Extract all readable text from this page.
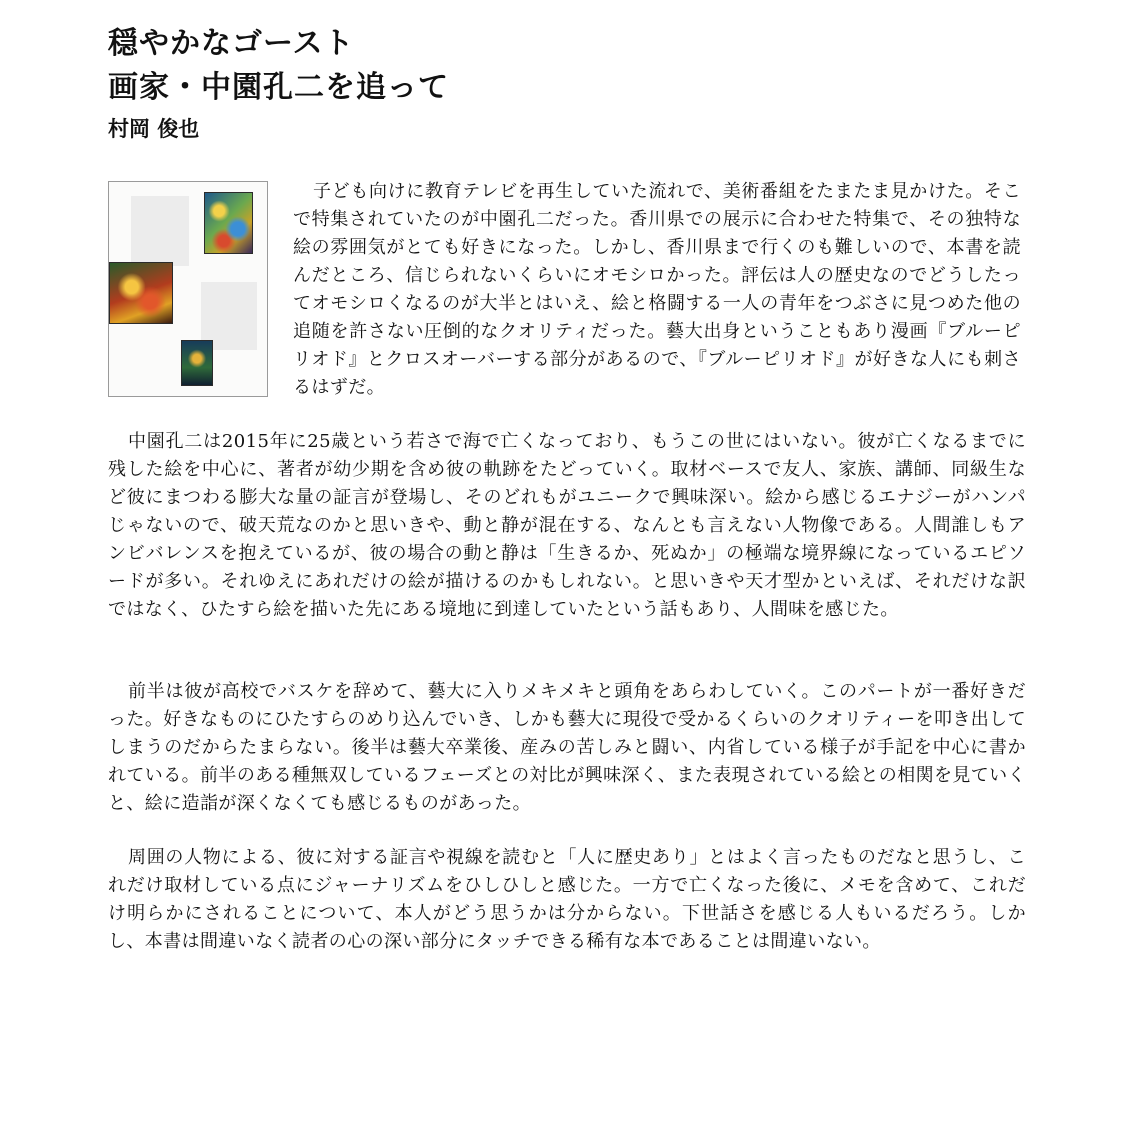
穏やかなゴースト
画家・中園孔二を追って
村岡 俊也

子ども向けに教育テレビを再生していた流れで、美術番組をたまたま見かけた。そこで特集されていたのが中園孔二だった。香川県での展示に合わせた特集で、その独特な絵の雰囲気がとても好きになった。しかし、香川県まで行くのも難しいので、本書を読んだところ、信じられないくらいにオモシロかった。評伝は人の歴史なのでどうしたってオモシロくなるのが大半とはいえ、絵と格闘する一人の青年をつぶさに見つめた他の追随を許さない圧倒的なクオリティだった。藝大出身ということもあり漫画『ブルーピリオド』とクロスオーバーする部分があるので、『ブルーピリオド』が好きな人にも刺さるはずだ。

中園孔二は2015年に25歳という若さで海で亡くなっており、もうこの世にはいない。彼が亡くなるまでに残した絵を中心に、著者が幼少期を含め彼の軌跡をたどっていく。取材ベースで友人、家族、講師、同級生など彼にまつわる膨大な量の証言が登場し、そのどれもがユニークで興味深い。絵から感じるエナジーがハンパじゃないので、破天荒なのかと思いきや、動と静が混在する、なんとも言えない人物像である。人間誰しもアンビバレンスを抱えているが、彼の場合の動と静は「生きるか、死ぬか」の極端な境界線になっているエピソードが多い。それゆえにあれだけの絵が描けるのかもしれない。と思いきや天才型かといえば、それだけな訳ではなく、ひたすら絵を描いた先にある境地に到達していたという話もあり、人間味を感じた。

前半は彼が高校でバスケを辞めて、藝大に入りメキメキと頭角をあらわしていく。このパートが一番好きだった。好きなものにひたすらのめり込んでいき、しかも藝大に現役で受かるくらいのクオリティーを叩き出してしまうのだからたまらない。後半は藝大卒業後、産みの苦しみと闘い、内省している様子が手記を中心に書かれている。前半のある種無双しているフェーズとの対比が興味深く、また表現されている絵との相関を見ていくと、絵に造詣が深くなくても感じるものがあった。

周囲の人物による、彼に対する証言や視線を読むと「人に歴史あり」とはよく言ったものだなと思うし、これだけ取材している点にジャーナリズムをひしひしと感じた。一方で亡くなった後に、メモを含めて、これだけ明らかにされることについて、本人がどう思うかは分からない。下世話さを感じる人もいるだろう。しかし、本書は間違いなく読者の心の深い部分にタッチできる稀有な本であることは間違いない。
